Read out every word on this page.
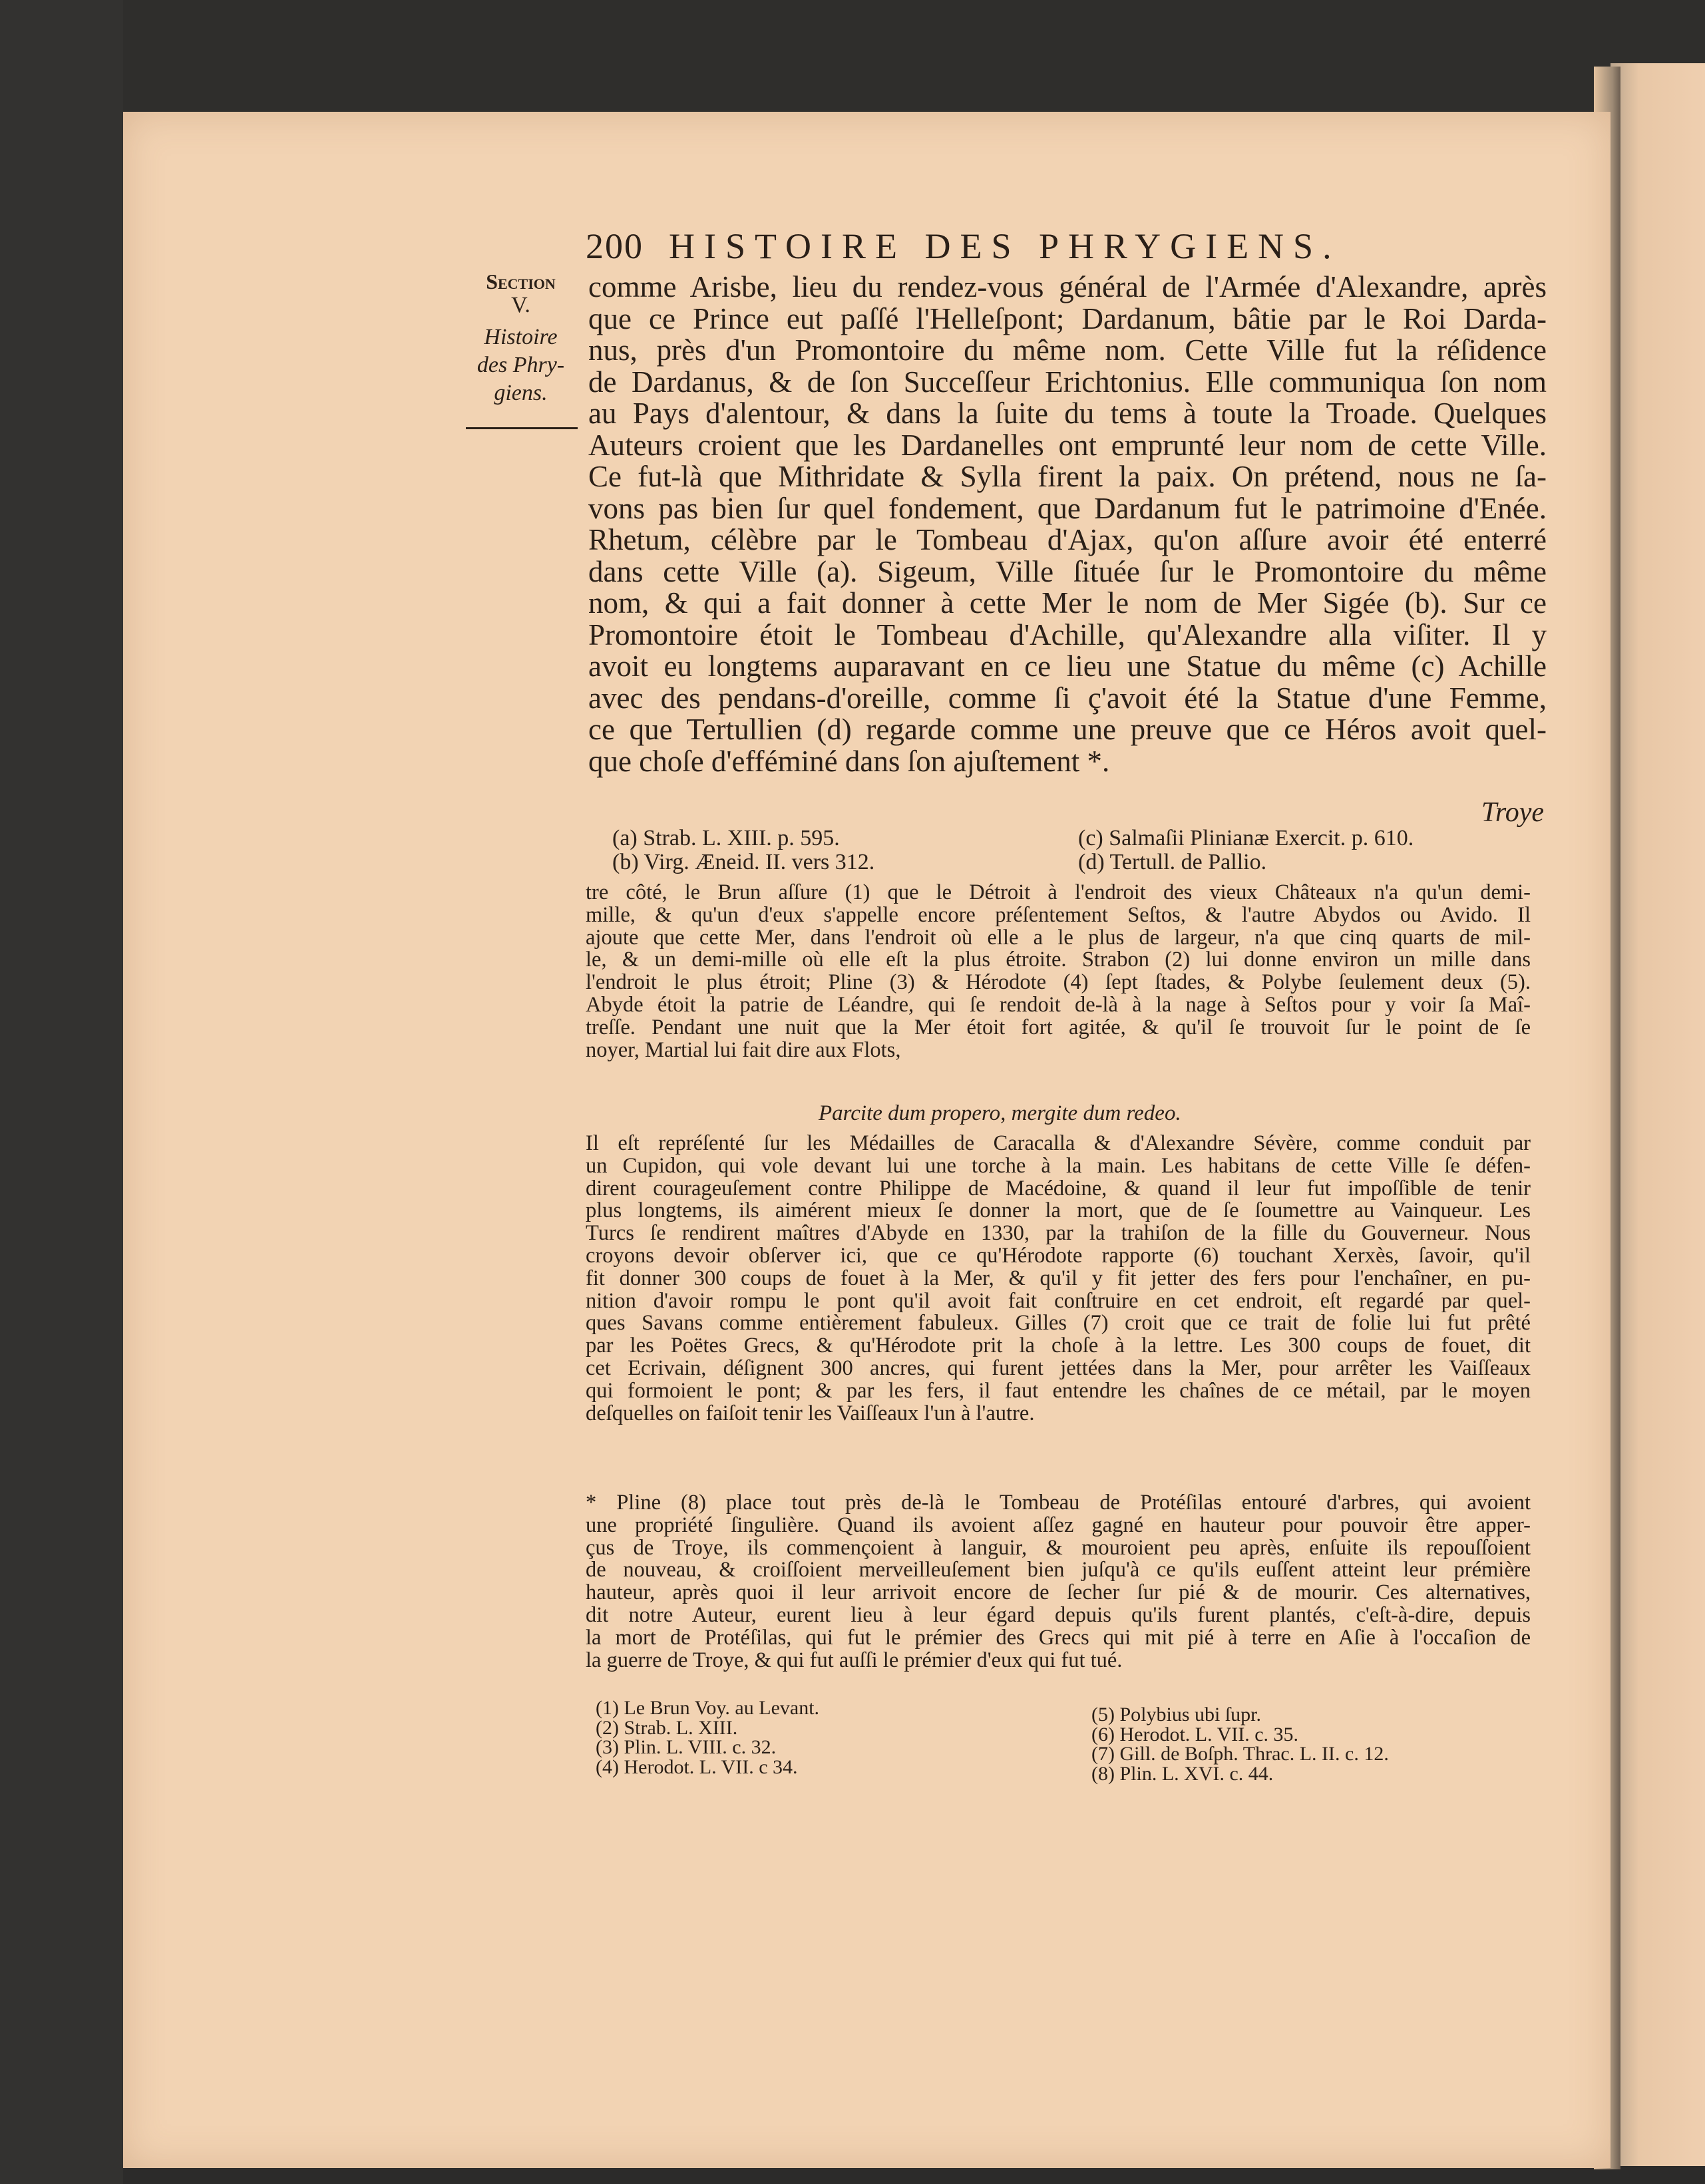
200 HISTOIRE DES PHRYGIENS.
Section
V.
Histoire
des Phry-
giens.
comme Arisbe, lieu du rendez-vous général de l'Armée d'Alexandre, après
que ce Prince eut paſſé l'Helleſpont; Dardanum, bâtie par le Roi Darda-
nus, près d'un Promontoire du même nom. Cette Ville fut la réſidence
de Dardanus, & de ſon Succeſſeur Erichtonius. Elle communiqua ſon nom
au Pays d'alentour, & dans la ſuite du tems à toute la Troade. Quelques
Auteurs croient que les Dardanelles ont emprunté leur nom de cette Ville.
Ce fut-là que Mithridate & Sylla firent la paix. On prétend, nous ne ſa-
vons pas bien ſur quel fondement, que Dardanum fut le patrimoine d'Enée.
Rhetum, célèbre par le Tombeau d'Ajax, qu'on aſſure avoir été enterré
dans cette Ville (a). Sigeum, Ville ſituée ſur le Promontoire du même
nom, & qui a fait donner à cette Mer le nom de Mer Sigée (b). Sur ce
Promontoire étoit le Tombeau d'Achille, qu'Alexandre alla viſiter. Il y
avoit eu longtems auparavant en ce lieu une Statue du même (c) Achille
avec des pendans-d'oreille, comme ſi ç'avoit été la Statue d'une Femme,
ce que Tertullien (d) regarde comme une preuve que ce Héros avoit quel-
que choſe d'efféminé dans ſon ajuſtement *.
Troye
(a) Strab. L. XIII. p. 595.
(b) Virg. Æneid. II. vers 312.
(c) Salmaſii Plinianæ Exercit. p. 610.
(d) Tertull. de Pallio.
tre côté, le Brun aſſure (1) que le Détroit à l'endroit des vieux Châteaux n'a qu'un demi-
mille, & qu'un d'eux s'appelle encore préſentement Seſtos, & l'autre Abydos ou Avido. Il
ajoute que cette Mer, dans l'endroit où elle a le plus de largeur, n'a que cinq quarts de mil-
le, & un demi-mille où elle eſt la plus étroite. Strabon (2) lui donne environ un mille dans
l'endroit le plus étroit; Pline (3) & Hérodote (4) ſept ſtades, & Polybe ſeulement deux (5).
Abyde étoit la patrie de Léandre, qui ſe rendoit de-là à la nage à Seſtos pour y voir ſa Maî-
treſſe. Pendant une nuit que la Mer étoit fort agitée, & qu'il ſe trouvoit ſur le point de ſe
noyer, Martial lui fait dire aux Flots,
Parcite dum propero, mergite dum redeo.
Il eſt repréſenté ſur les Médailles de Caracalla & d'Alexandre Sévère, comme conduit par
un Cupidon, qui vole devant lui une torche à la main. Les habitans de cette Ville ſe défen-
dirent courageuſement contre Philippe de Macédoine, & quand il leur fut impoſſible de tenir
plus longtems, ils aimérent mieux ſe donner la mort, que de ſe ſoumettre au Vainqueur. Les
Turcs ſe rendirent maîtres d'Abyde en 1330, par la trahiſon de la fille du Gouverneur. Nous
croyons devoir obſerver ici, que ce qu'Hérodote rapporte (6) touchant Xerxès, ſavoir, qu'il
fit donner 300 coups de fouet à la Mer, & qu'il y fit jetter des fers pour l'enchaîner, en pu-
nition d'avoir rompu le pont qu'il avoit fait conſtruire en cet endroit, eſt regardé par quel-
ques Savans comme entièrement fabuleux. Gilles (7) croit que ce trait de folie lui fut prêté
par les Poëtes Grecs, & qu'Hérodote prit la choſe à la lettre. Les 300 coups de fouet, dit
cet Ecrivain, déſignent 300 ancres, qui furent jettées dans la Mer, pour arrêter les Vaiſſeaux
qui formoient le pont; & par les fers, il faut entendre les chaînes de ce métail, par le moyen
deſquelles on faiſoit tenir les Vaiſſeaux l'un à l'autre.
* Pline (8) place tout près de-là le Tombeau de Protéſilas entouré d'arbres, qui avoient
une propriété ſingulière. Quand ils avoient aſſez gagné en hauteur pour pouvoir être apper-
çus de Troye, ils commençoient à languir, & mouroient peu après, enſuite ils repouſſoient
de nouveau, & croiſſoient merveilleuſement bien juſqu'à ce qu'ils euſſent atteint leur prémière
hauteur, après quoi il leur arrivoit encore de ſecher ſur pié & de mourir. Ces alternatives,
dit notre Auteur, eurent lieu à leur égard depuis qu'ils furent plantés, c'eſt-à-dire, depuis
la mort de Protéſilas, qui fut le prémier des Grecs qui mit pié à terre en Aſie à l'occaſion de
la guerre de Troye, & qui fut auſſi le prémier d'eux qui fut tué.
(1) Le Brun Voy. au Levant.
(2) Strab. L. XIII.
(3) Plin. L. VIII. c. 32.
(4) Herodot. L. VII. c 34.
(5) Polybius ubi ſupr.
(6) Herodot. L. VII. c. 35.
(7) Gill. de Boſph. Thrac. L. II. c. 12.
(8) Plin. L. XVI. c. 44.
